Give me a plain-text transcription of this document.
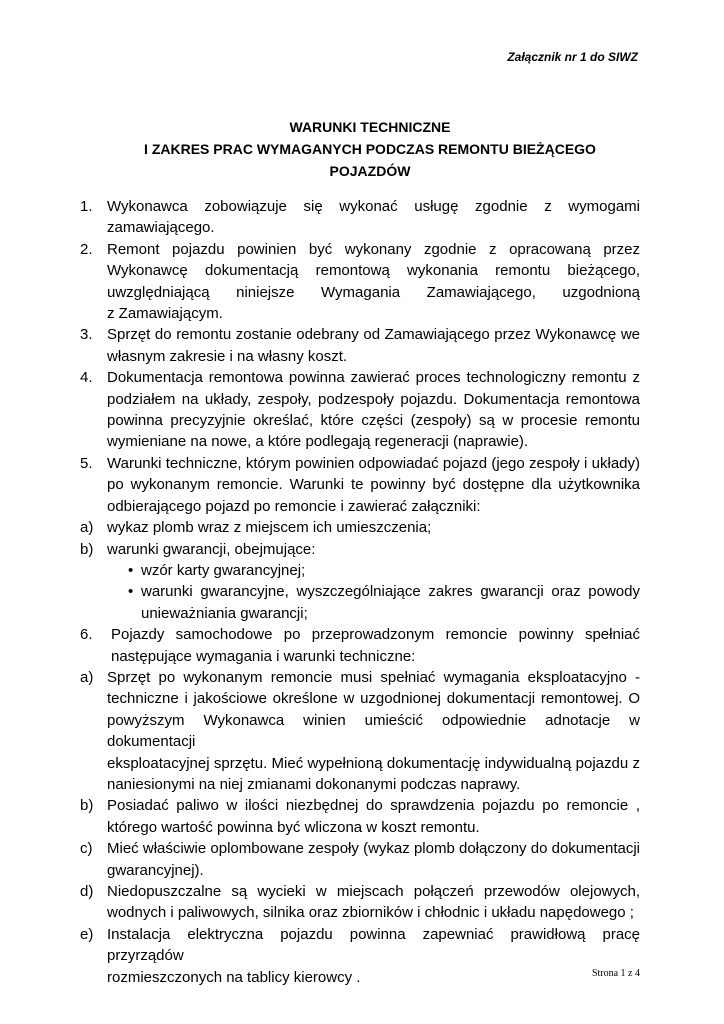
Załącznik nr 1 do SIWZ
WARUNKI TECHNICZNE
I ZAKRES PRAC WYMAGANYCH PODCZAS REMONTU BIEŻĄCEGO
POJAZDÓW
1. Wykonawca zobowiązuje się wykonać usługę zgodnie z wymogami
zamawiającego.
2. Remont pojazdu powinien być wykonany zgodnie z opracowaną przez
Wykonawcę dokumentacją remontową wykonania remontu bieżącego,
uwzględniającą niniejsze Wymagania Zamawiającego, uzgodnioną
z Zamawiającym.
3. Sprzęt do remontu zostanie odebrany od Zamawiającego przez Wykonawcę we
własnym zakresie i na własny koszt.
4. Dokumentacja remontowa powinna zawierać proces technologiczny remontu z
podziałem na układy, zespoły, podzespoły pojazdu. Dokumentacja remontowa
powinna precyzyjnie określać, które części (zespoły) są w procesie remontu
wymieniane na nowe, a które podlegają regeneracji (naprawie).
5. Warunki techniczne, którym powinien odpowiadać pojazd (jego zespoły i układy)
po wykonanym remoncie. Warunki te powinny być dostępne dla użytkownika
odbierającego pojazd po remoncie i zawierać załączniki:
a) wykaz plomb wraz z miejscem ich umieszczenia;
b) warunki gwarancji, obejmujące:
• wzór karty gwarancyjnej;
• warunki gwarancyjne, wyszczególniające zakres gwarancji oraz powody
unieważniania gwarancji;
6.	Pojazdy samochodowe po przeprowadzonym remoncie powinny spełniać
następujące wymagania i warunki techniczne:
a) Sprzęt po wykonanym remoncie musi spełniać wymagania eksploatacyjno -
techniczne i jakościowe określone w uzgodnionej dokumentacji remontowej. O
powyższym Wykonawca winien umieścić odpowiednie adnotacje w dokumentacji
eksploatacyjnej sprzętu. Mieć wypełnioną dokumentację indywidualną pojazdu z
naniesionymi na niej zmianami dokonanymi podczas naprawy.
b) Posiadać paliwo w ilości niezbędnej do sprawdzenia pojazdu po remoncie ,
którego wartość powinna być wliczona w koszt remontu.
c) Mieć właściwie oplombowane zespoły (wykaz plomb dołączony do dokumentacji
gwarancyjnej).
d) Niedopuszczalne są wycieki w miejscach połączeń przewodów olejowych,
wodnych i paliwowych, silnika oraz zbiorników i chłodnic i układu napędowego ;
e) Instalacja elektryczna pojazdu powinna zapewniać prawidłową pracę przyrządów
rozmieszczonych na tablicy kierowcy .	Strona 1 z 4
